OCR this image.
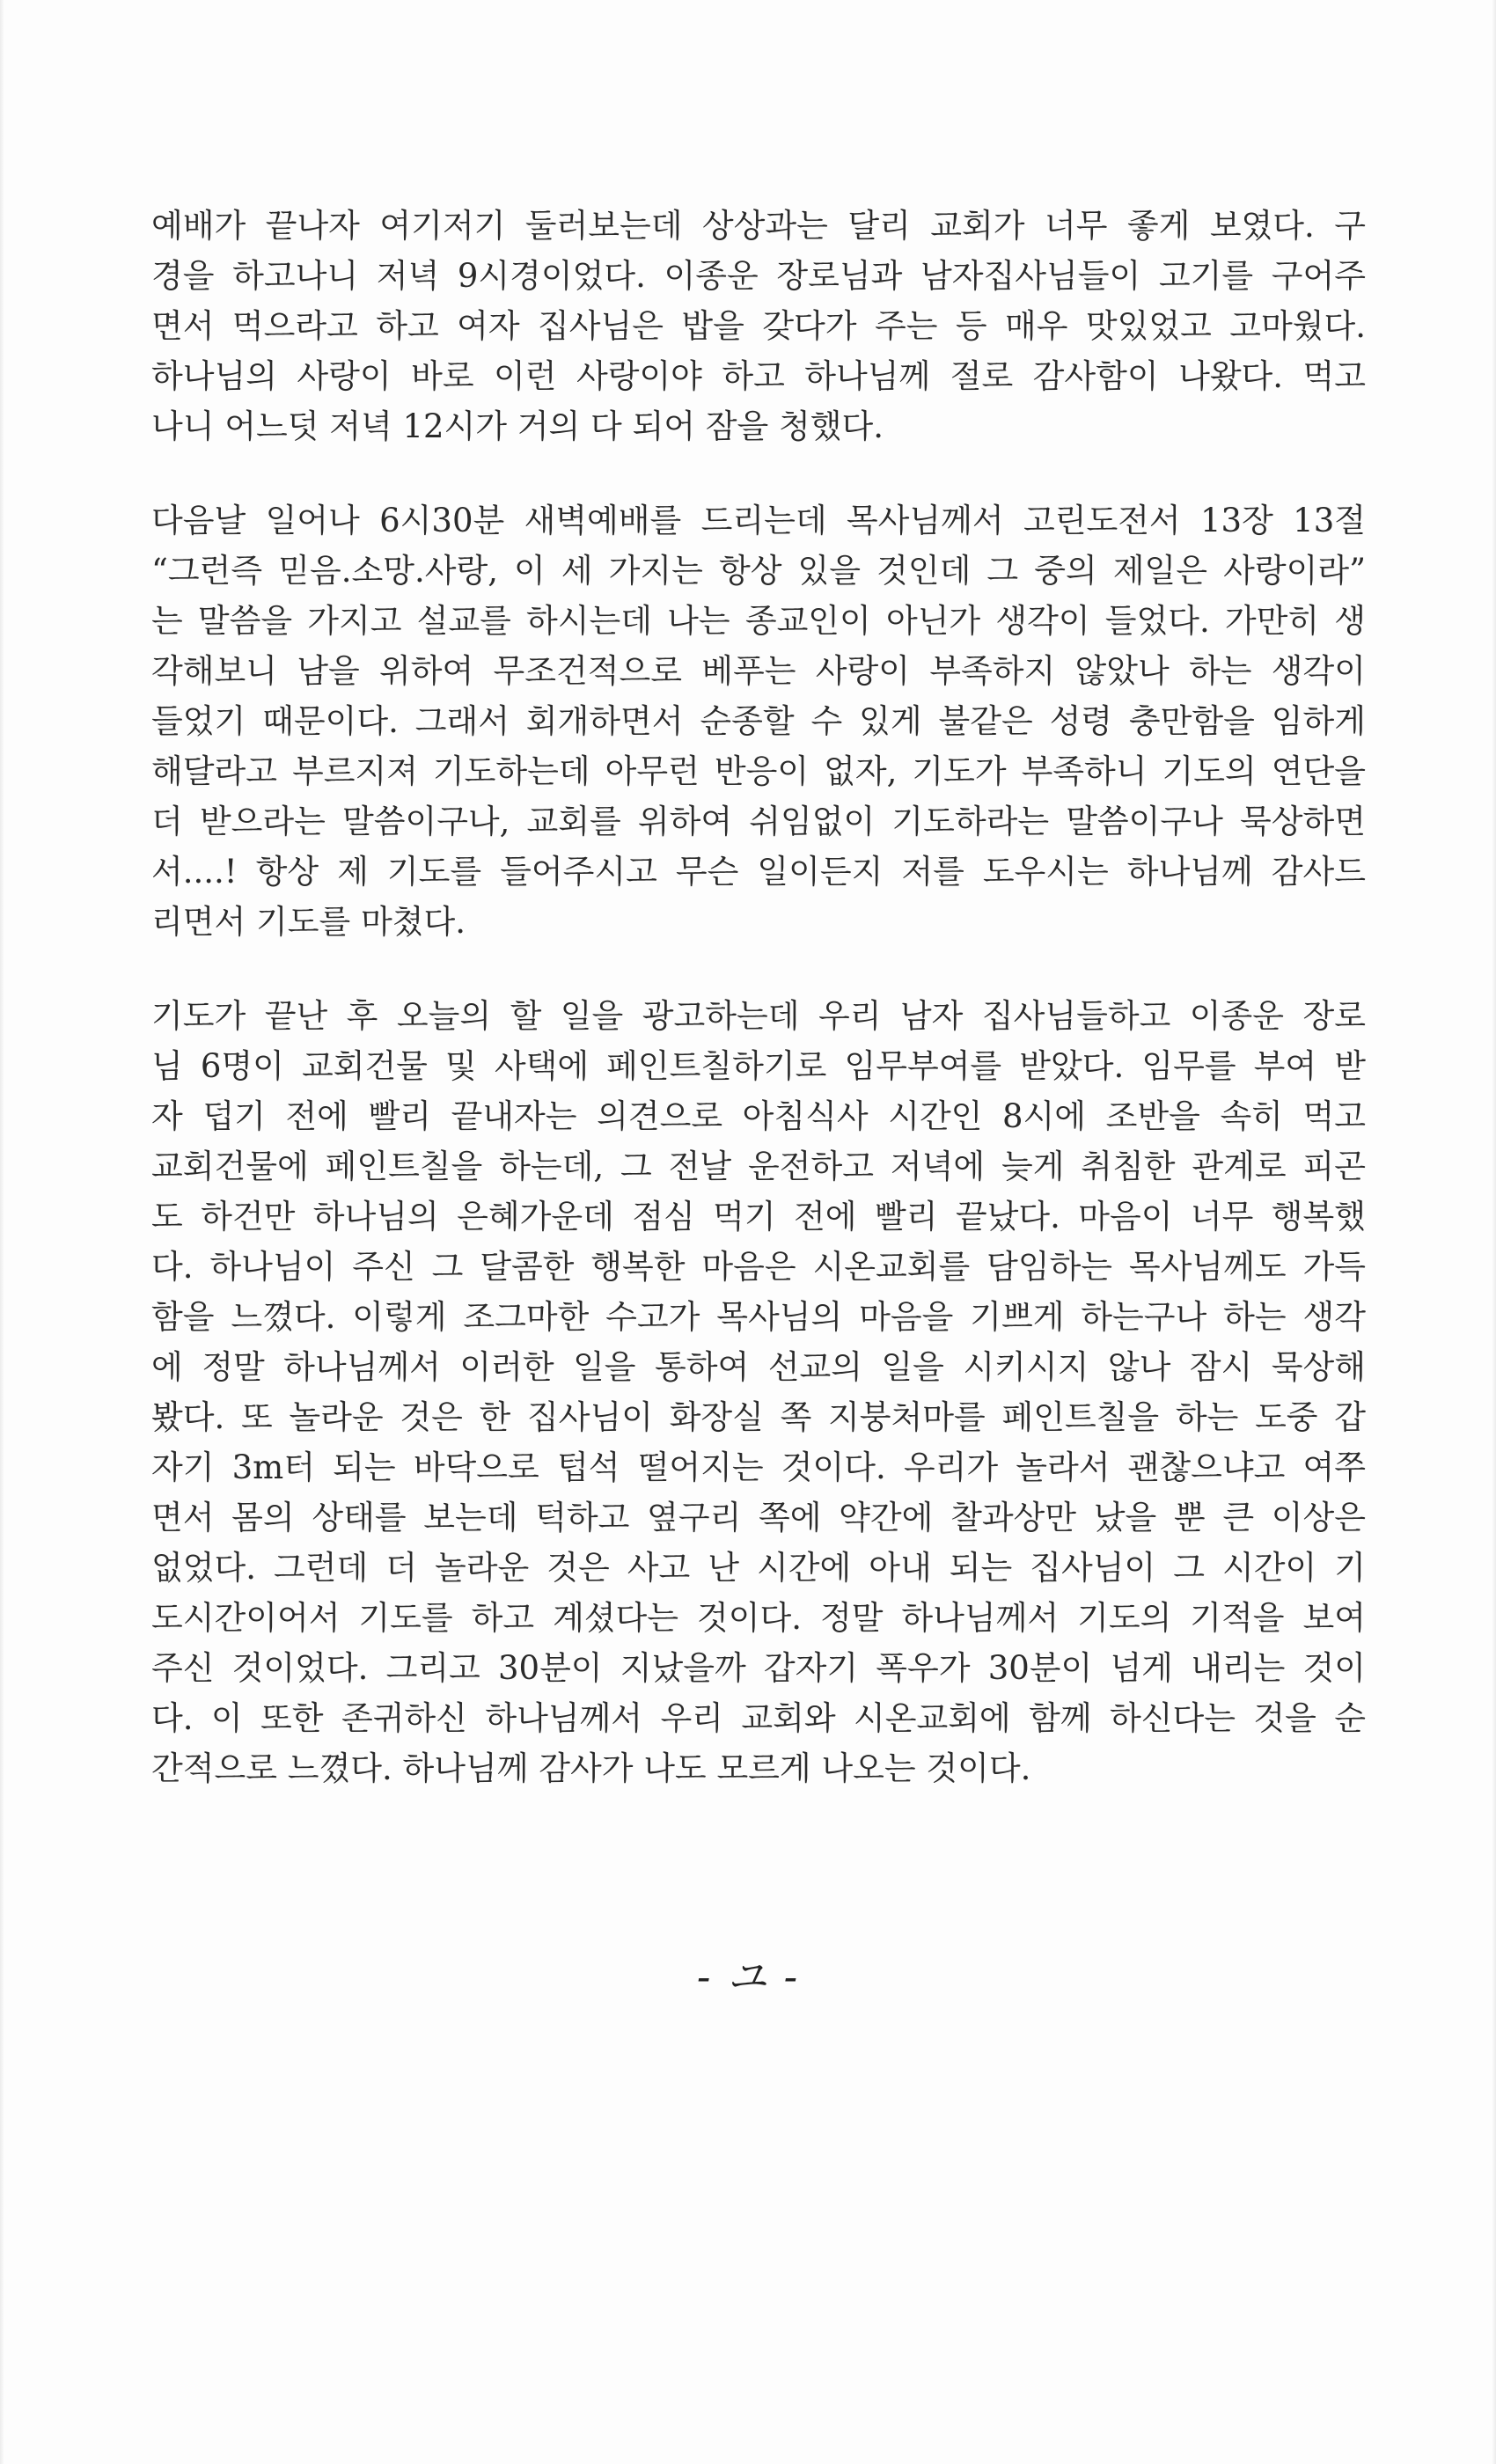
예배가 끝나자 여기저기 둘러보는데 상상과는 달리 교회가 너무 좋게 보였다. 구
경을 하고나니 저녁 9시경이었다. 이종운 장로님과 남자집사님들이 고기를 구어주
면서 먹으라고 하고 여자 집사님은 밥을 갖다가 주는 등 매우 맛있었고 고마웠다.
하나님의 사랑이 바로 이런 사랑이야 하고 하나님께 절로 감사함이 나왔다. 먹고
나니 어느덧 저녁 12시가 거의 다 되어 잠을 청했다.
다음날 일어나 6시30분 새벽예배를 드리는데 목사님께서 고린도전서 13장 13절
“그런즉 믿음.소망.사랑, 이 세 가지는 항상 있을 것인데 그 중의 제일은 사랑이라”
는 말씀을 가지고 설교를 하시는데 나는 종교인이 아닌가 생각이 들었다. 가만히 생
각해보니 남을 위하여 무조건적으로 베푸는 사랑이 부족하지 않았나 하는 생각이
들었기 때문이다. 그래서 회개하면서 순종할 수 있게 불같은 성령 충만함을 임하게
해달라고 부르지져 기도하는데 아무런 반응이 없자, 기도가 부족하니 기도의 연단을
더 받으라는 말씀이구나, 교회를 위하여 쉬임없이 기도하라는 말씀이구나 묵상하면
서....! 항상 제 기도를 들어주시고 무슨 일이든지 저를 도우시는 하나님께 감사드
리면서 기도를 마쳤다.
기도가 끝난 후 오늘의 할 일을 광고하는데 우리 남자 집사님들하고 이종운 장로
님 6명이 교회건물 및 사택에 페인트칠하기로 임무부여를 받았다. 임무를 부여 받
자 덥기 전에 빨리 끝내자는 의견으로 아침식사 시간인 8시에 조반을 속히 먹고
교회건물에 페인트칠을 하는데, 그 전날 운전하고 저녁에 늦게 취침한 관계로 피곤
도 하건만 하나님의 은혜가운데 점심 먹기 전에 빨리 끝났다. 마음이 너무 행복했
다. 하나님이 주신 그 달콤한 행복한 마음은 시온교회를 담임하는 목사님께도 가득
함을 느꼈다. 이렇게 조그마한 수고가 목사님의 마음을 기쁘게 하는구나 하는 생각
에 정말 하나님께서 이러한 일을 통하여 선교의 일을 시키시지 않나 잠시 묵상해
봤다. 또 놀라운 것은 한 집사님이 화장실 쪽 지붕처마를 페인트칠을 하는 도중 갑
자기 3m터 되는 바닥으로 텁석 떨어지는 것이다. 우리가 놀라서 괜찮으냐고 여쭈
면서 몸의 상태를 보는데 턱하고 옆구리 쪽에 약간에 찰과상만 났을 뿐 큰 이상은
없었다. 그런데 더 놀라운 것은 사고 난 시간에 아내 되는 집사님이 그 시간이 기
도시간이어서 기도를 하고 계셨다는 것이다. 정말 하나님께서 기도의 기적을 보여
주신 것이었다. 그리고 30분이 지났을까 갑자기 폭우가 30분이 넘게 내리는 것이
다. 이 또한 존귀하신 하나님께서 우리 교회와 시온교회에 함께 하신다는 것을 순
간적으로 느꼈다. 하나님께 감사가 나도 모르게 나오는 것이다.
- ユ -
